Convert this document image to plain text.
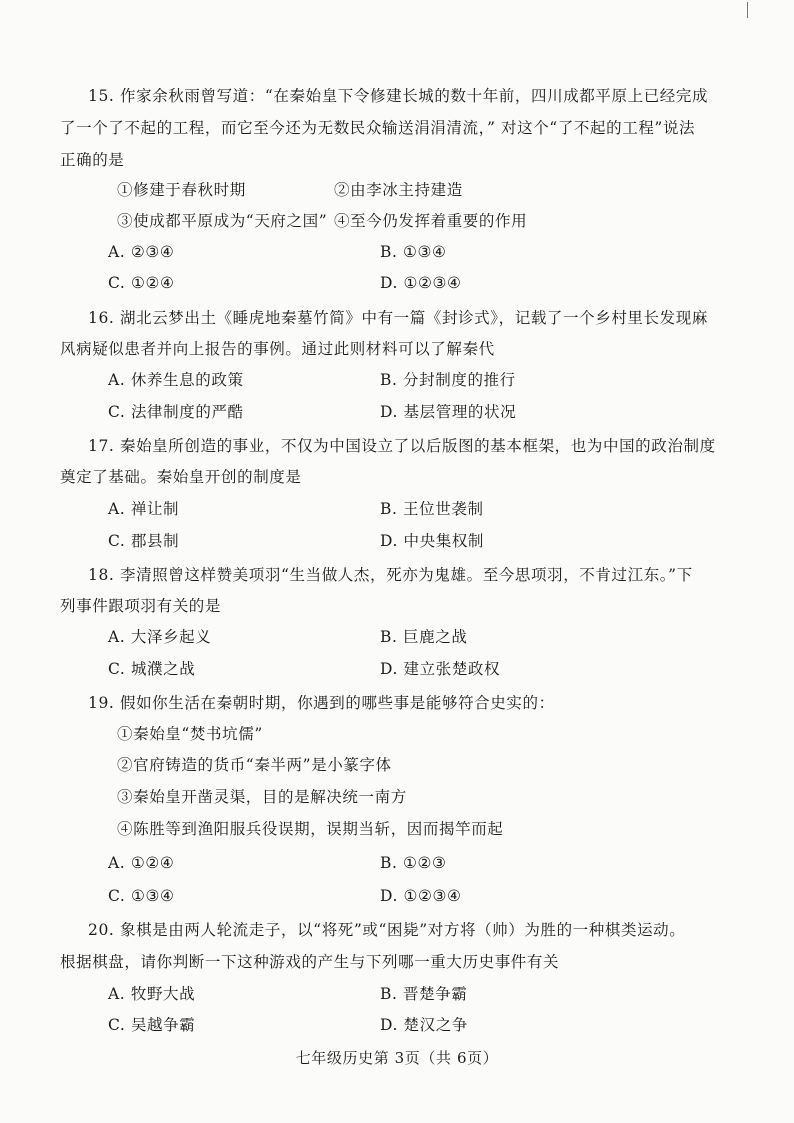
15. 作家余秋雨曾写道：“在秦始皇下令修建长城的数十年前，四川成都平原上已经完成
了一个了不起的工程，而它至今还为无数民众输送涓涓清流，” 对这个“了不起的工程”说法
正确的是
①修建于春秋时期	②由李冰主持建造
③使成都平原成为“天府之国” ④至今仍发挥着重要的作用
A. ②③④	B. ①③④
C. ①②④	D. ①②③④
16. 湖北云梦出土《睡虎地秦墓竹简》中有一篇《封诊式》，记载了一个乡村里长发现麻
风病疑似患者并向上报告的事例。通过此则材料可以了解秦代
A. 休养生息的政策	B. 分封制度的推行
C. 法律制度的严酷	D. 基层管理的状况
17. 秦始皇所创造的事业，不仅为中国设立了以后版图的基本框架，也为中国的政治制度
奠定了基础。秦始皇开创的制度是
A. 禅让制	B. 王位世袭制
C. 郡县制	D. 中央集权制
18. 李清照曾这样赞美项羽“生当做人杰，死亦为鬼雄。至今思项羽，不肯过江东。”下
列事件跟项羽有关的是
A. 大泽乡起义	B. 巨鹿之战
C. 城濮之战	D. 建立张楚政权
19. 假如你生活在秦朝时期，你遇到的哪些事是能够符合史实的：
①秦始皇“焚书坑儒”
②官府铸造的货币“秦半两”是小篆字体
③秦始皇开凿灵渠，目的是解决统一南方
④陈胜等到渔阳服兵役误期，误期当斩，因而揭竿而起
A. ①②④	B. ①②③
C. ①③④	D. ①②③④
20. 象棋是由两人轮流走子，以“将死”或“困毙”对方将（帅）为胜的一种棋类运动。
根据棋盘，请你判断一下这种游戏的产生与下列哪一重大历史事件有关
A. 牧野大战	B. 晋楚争霸
C. 吴越争霸	D. 楚汉之争
七年级历史第 3页（共 6页）
